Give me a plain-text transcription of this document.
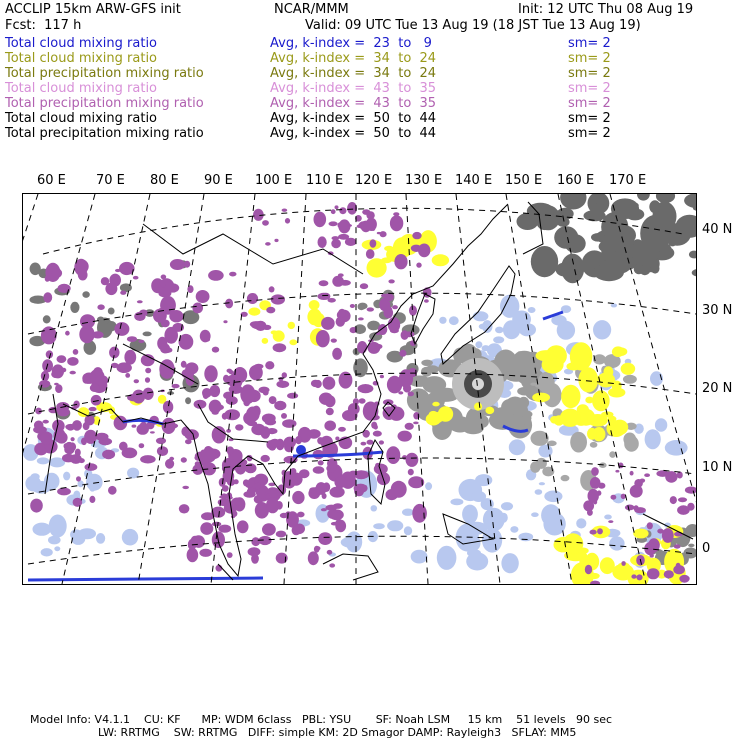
ACCLIP 15km ARW-GFS init	NCAR/MMM	Init: 12 UTC Thu 08 Aug 19
Fcst:  117 h	Valid: 09 UTC Tue 13 Aug 19 (18 JST Tue 13 Aug 19)
Total cloud mixing ratio	Avg, k-index =  23  to   9	sm= 2
Total cloud mixing ratio	Avg, k-index =  34  to  24	sm= 2
Total precipitation mixing ratio	Avg, k-index =  34  to  24	sm= 2
Total cloud mixing ratio	Avg, k-index =  43  to  35	sm= 2
Total precipitation mixing ratio	Avg, k-index =  43  to  35	sm= 2
Total cloud mixing ratio	Avg, k-index =  50  to  44	sm= 2
Total precipitation mixing ratio	Avg, k-index =  50  to  44	sm= 2
60 E 70 E 80 E 90 E 100 E 110 E 120 E 130 E 140 E 150 E 160 E 170 E
40 N
30 N
20 N
10 N
0
Model Info: V4.1.1    CU: KF      MP: WDM 6class   PBL: YSU       SF: Noah LSM     15 km    51 levels   90 sec
LW: RRTMG    SW: RRTMG   DIFF: simple KM: 2D Smagor DAMP: Rayleigh3   SFLAY: MM5
